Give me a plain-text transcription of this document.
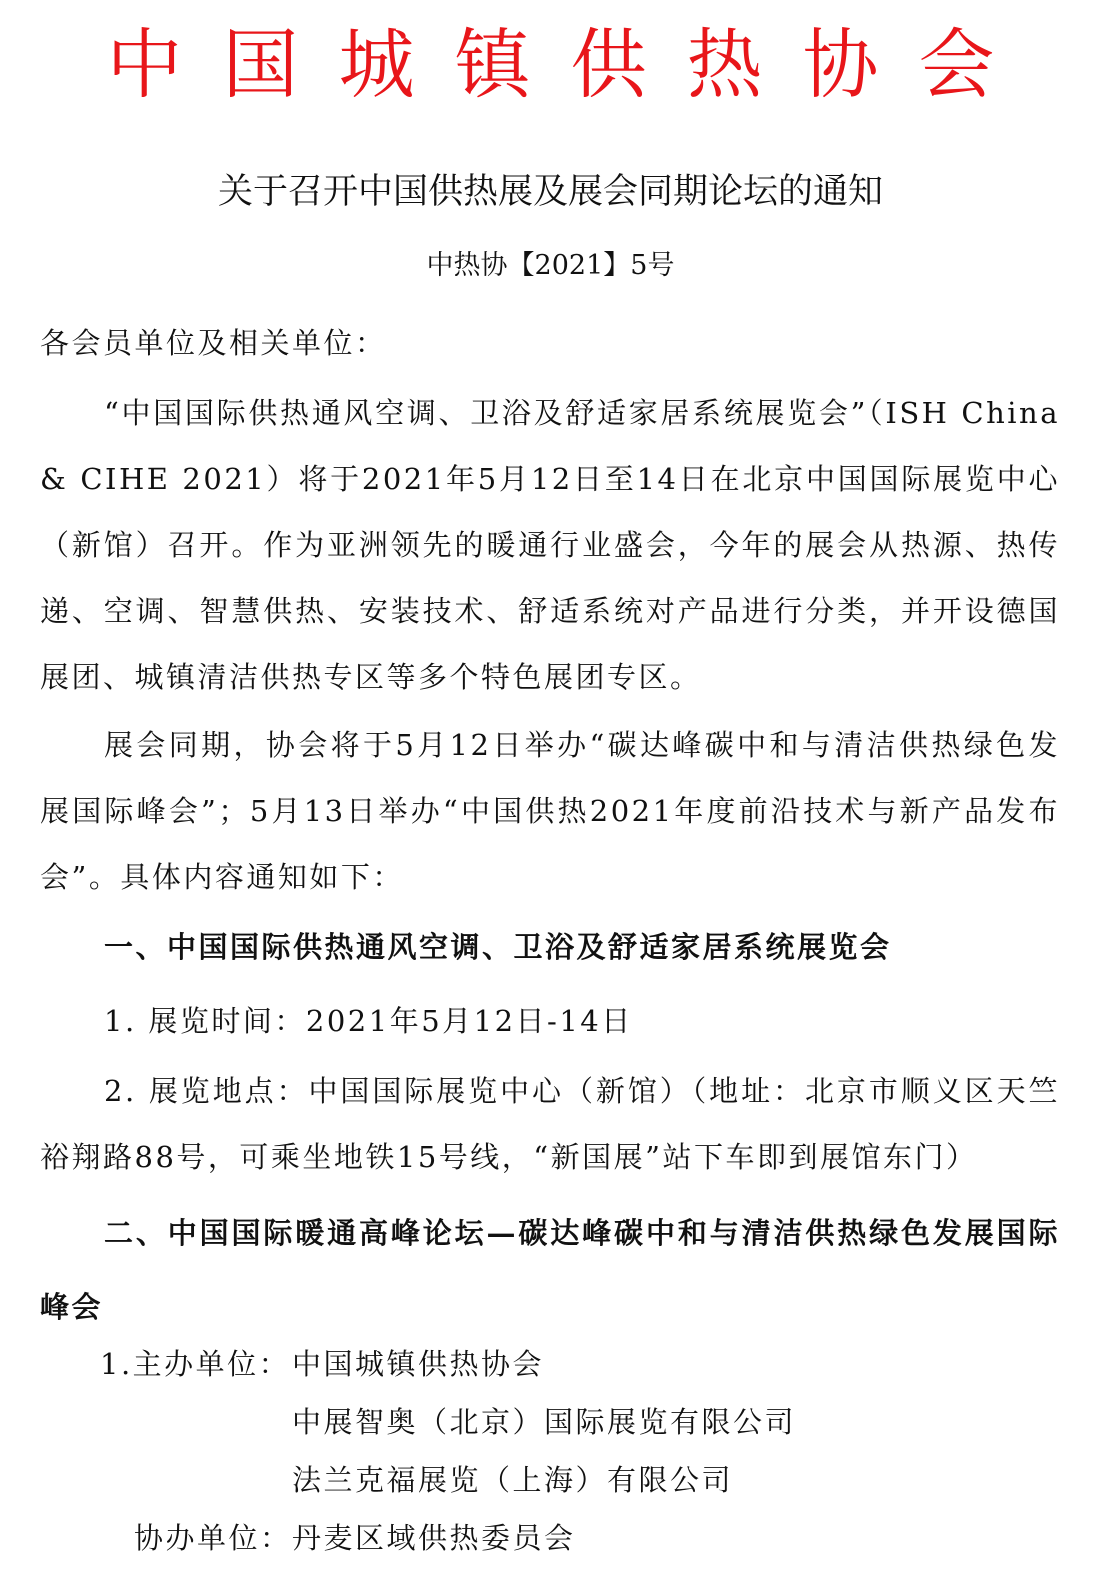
中国城镇供热协会
关于召开中国供热展及展会同期论坛的通知
中热协【2021】5号
各会员单位及相关单位：
“中国国际供热通风空调、卫浴及舒适家居系统展览会”（ISH China & CIHE 2021）将于2021年5月12日至14日在北京中国国际展览中心（新馆）召开。作为亚洲领先的暖通行业盛会，今年的展会从热源、热传递、空调、智慧供热、安装技术、舒适系统对产品进行分类，并开设德国展团、城镇清洁供热专区等多个特色展团专区。
展会同期，协会将于5月12日举办“碳达峰碳中和与清洁供热绿色发展国际峰会”；5月13日举办“中国供热2021年度前沿技术与新产品发布会”。具体内容通知如下：
一、中国国际供热通风空调、卫浴及舒适家居系统展览会
1. 展览时间：2021年5月12日-14日
2. 展览地点：中国国际展览中心（新馆）（地址：北京市顺义区天竺裕翔路88号，可乘坐地铁15号线，“新国展”站下车即到展馆东门）
二、中国国际暖通高峰论坛—碳达峰碳中和与清洁供热绿色发展国际峰会
1.主办单位： 中国城镇供热协会
中展智奥（北京）国际展览有限公司
法兰克福展览（上海）有限公司
协办单位： 丹麦区域供热委员会
